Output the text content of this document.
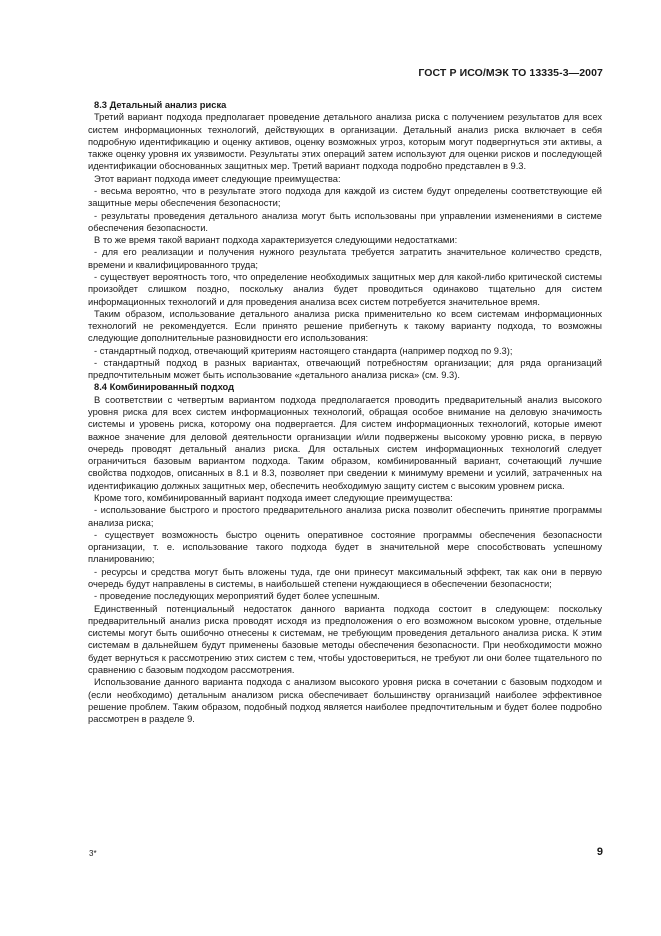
ГОСТ Р ИСО/МЭК ТО 13335-3—2007

8.3 Детальный анализ риска

Третий вариант подхода предполагает проведение детального анализа риска с получением результатов для всех систем информационных технологий, действующих в организации. Детальный анализ риска включает в себя подробную идентификацию и оценку активов, оценку возможных угроз, которым могут подвергнуться эти активы, а также оценку уровня их уязвимости. Результаты этих операций затем используют для оценки рисков и последующей идентификации обоснованных защитных мер. Третий вариант подхода подробно представлен в 9.3.

Этот вариант подхода имеет следующие преимущества:

- весьма вероятно, что в результате этого подхода для каждой из систем будут определены соответствующие ей защитные меры обеспечения безопасности;

- результаты проведения детального анализа могут быть использованы при управлении изменениями в системе обеспечения безопасности.

В то же время такой вариант подхода характеризуется следующими недостатками:

- для его реализации и получения нужного результата требуется затратить значительное количество средств, времени и квалифицированного труда;

- существует вероятность того, что определение необходимых защитных мер для какой-либо критической системы произойдет слишком поздно, поскольку анализ будет проводиться одинаково тщательно для систем информационных технологий и для проведения анализа всех систем потребуется значительное время.

Таким образом, использование детального анализа риска применительно ко всем системам информационных технологий не рекомендуется. Если принято решение прибегнуть к такому варианту подхода, то возможны следующие дополнительные разновидности его использования:

- стандартный подход, отвечающий критериям настоящего стандарта (например подход по 9.3);

- стандартный подход в разных вариантах, отвечающий потребностям организации; для ряда организаций предпочтительным может быть использование «детального анализа риска» (см. 9.3).

8.4 Комбинированный подход

В соответствии с четвертым вариантом подхода предполагается проводить предварительный анализ высокого уровня риска для всех систем информационных технологий, обращая особое внимание на деловую значимость системы и уровень риска, которому она подвергается. Для систем информационных технологий, которые имеют важное значение для деловой деятельности организации и/или подвержены высокому уровню риска, в первую очередь проводят детальный анализ риска. Для остальных систем информационных технологий следует ограничиться базовым вариантом подхода. Таким образом, комбинированный вариант, сочетающий лучшие свойства подходов, описанных в 8.1 и 8.3, позволяет при сведении к минимуму времени и усилий, затраченных на идентификацию должных защитных мер, обеспечить необходимую защиту систем с высоким уровнем риска.

Кроме того, комбинированный вариант подхода имеет следующие преимущества:

- использование быстрого и простого предварительного анализа риска позволит обеспечить принятие программы анализа риска;

- существует возможность быстро оценить оперативное состояние программы обеспечения безопасности организации, т. е. использование такого подхода будет в значительной мере способствовать успешному планированию;

- ресурсы и средства могут быть вложены туда, где они принесут максимальный эффект, так как они в первую очередь будут направлены в системы, в наибольшей степени нуждающиеся в обеспечении безопасности;

- проведение последующих мероприятий будет более успешным.

Единственный потенциальный недостаток данного варианта подхода состоит в следующем: поскольку предварительный анализ риска проводят исходя из предположения о его возможном высоком уровне, отдельные системы могут быть ошибочно отнесены к системам, не требующим проведения детального анализа риска. К этим системам в дальнейшем будут применены базовые методы обеспечения безопасности. При необходимости можно будет вернуться к рассмотрению этих систем с тем, чтобы удостовериться, не требуют ли они более тщательного по сравнению с базовым подходом рассмотрения.

Использование данного варианта подхода с анализом высокого уровня риска в сочетании с базовым подходом и (если необходимо) детальным анализом риска обеспечивает большинству организаций наиболее эффективное решение проблем. Таким образом, подобный подход является наиболее предпочтительным и будет более подробно рассмотрен в разделе 9.

3*	9
